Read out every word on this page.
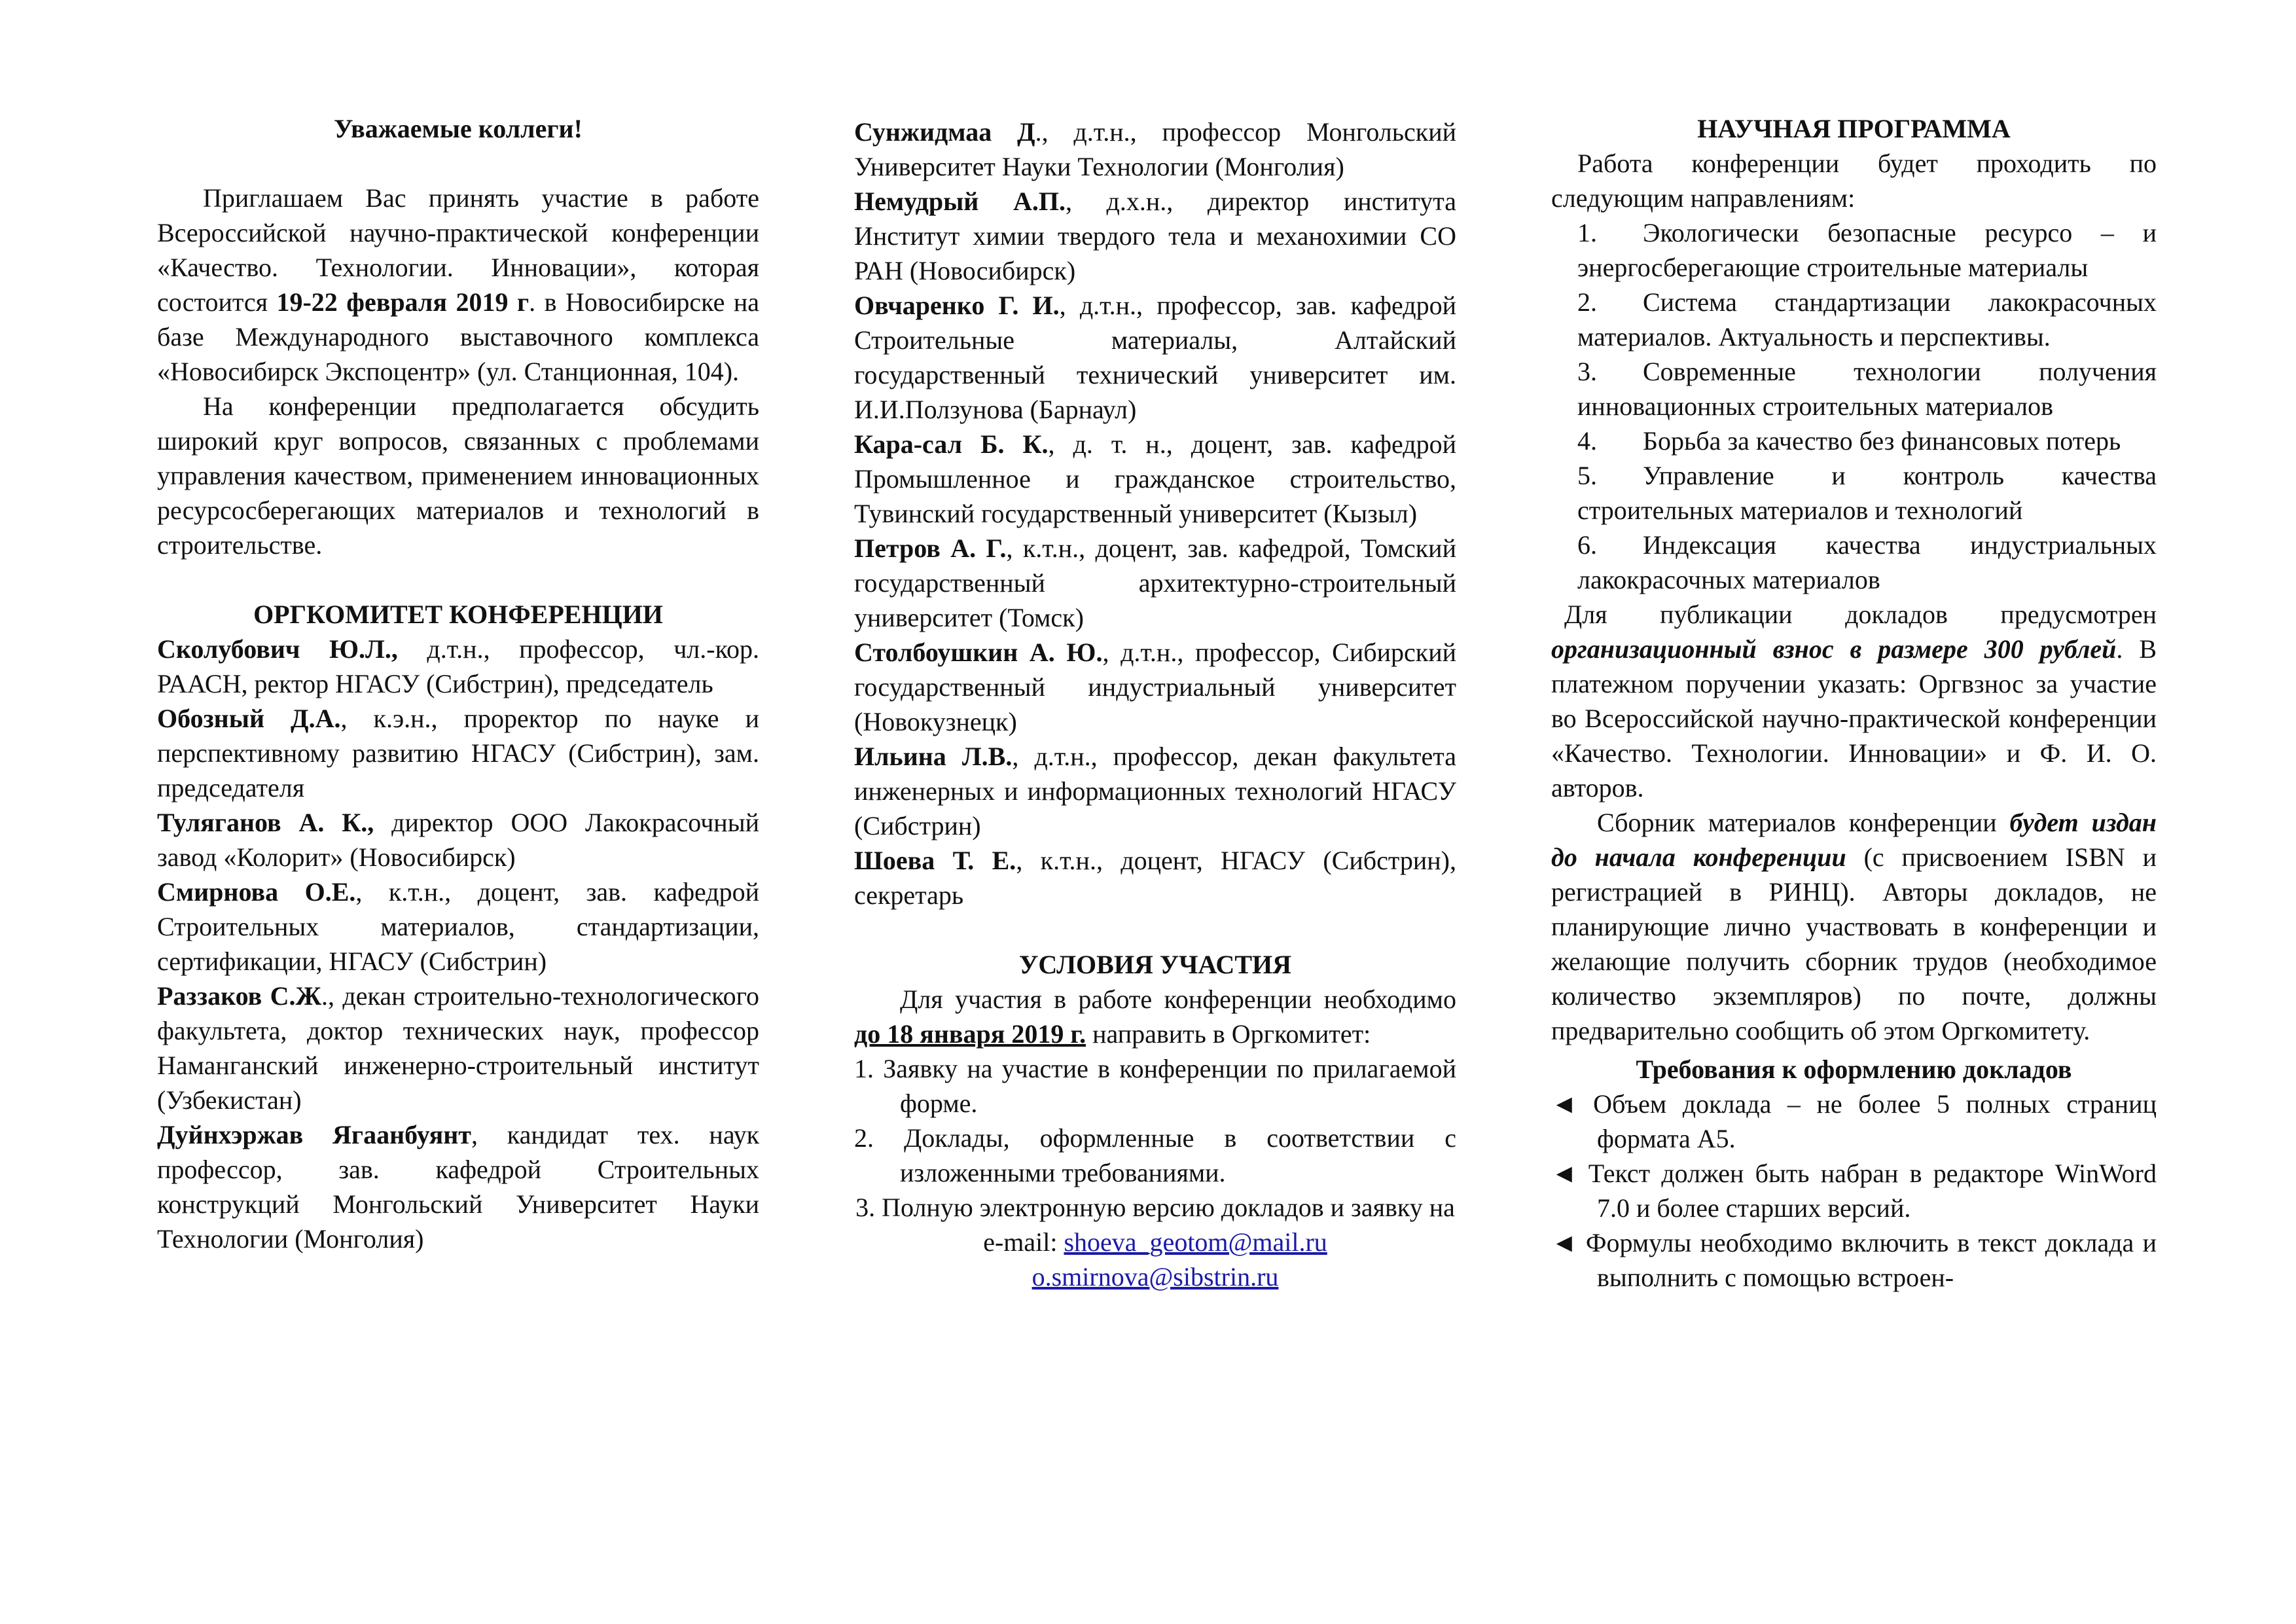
Уважаемые коллеги!

Приглашаем Вас принять участие в работе Всероссийской научно-практической конференции «Качество. Технологии. Инновации», которая состоится 19-22 февраля 2019 г. в Новосибирске на базе Международного выставочного комплекса «Новосибирск Экспоцентр» (ул. Станционная, 104).

На конференции предполагается обсудить широкий круг вопросов, связанных с проблемами управления качеством, применением инновационных ресурсосберегающих материалов и технологий в строительстве.

ОРГКОМИТЕТ КОНФЕРЕНЦИИ

Сколубович Ю.Л., д.т.н., профессор, чл.-кор. РААСН, ректор НГАСУ (Сибстрин), председатель

Обозный Д.А., к.э.н., проректор по науке и перспективному развитию НГАСУ (Сибстрин), зам. председателя

Туляганов А. К., директор ООО Лакокрасочный завод «Колорит» (Новосибирск)

Смирнова О.Е., к.т.н., доцент, зав. кафедрой Строительных материалов, стандартизации, сертификации, НГАСУ (Сибстрин)

Раззаков С.Ж., декан строительно-технологического факультета, доктор технических наук, профессор Наманганский инженерно-строительный институт (Узбекистан)

Дуйнхэржав Ягаанбуянт, кандидат тех. наук профессор, зав. кафедрой Строительных конструкций Монгольский Университет Науки Технологии (Монголия)

Сунжидмаа Д., д.т.н., профессор Монгольский Университет Науки Технологии (Монголия)

Немудрый А.П., д.х.н., директор института Институт химии твердого тела и механохимии СО РАН (Новосибирск)

Овчаренко Г. И., д.т.н., профессор, зав. кафедрой Строительные материалы, Алтайский государственный технический университет им. И.И.Ползунова (Барнаул)

Кара-сал Б. К., д. т. н., доцент, зав. кафедрой Промышленное и гражданское строительство, Тувинский государственный университет (Кызыл)

Петров А. Г., к.т.н., доцент, зав. кафедрой, Томский государственный архитектурно-строительный университет (Томск)

Столбоушкин А. Ю., д.т.н., профессор, Сибирский государственный индустриальный университет (Новокузнецк)

Ильина Л.В., д.т.н., профессор, декан факультета инженерных и информационных технологий НГАСУ (Сибстрин)

Шоева Т. Е., к.т.н., доцент, НГАСУ (Сибстрин), секретарь

УСЛОВИЯ УЧАСТИЯ

Для участия в работе конференции необходимо до 18 января 2019 г. направить в Оргкомитет:

1. Заявку на участие в конференции по прилагаемой форме.

2. Доклады, оформленные в соответствии с изложенными требованиями.

3. Полную электронную версию докладов и заявку на e-mail: shoeva_geotom@mail.ru
o.smirnova@sibstrin.ru

НАУЧНАЯ ПРОГРАММА

Работа конференции будет проходить по следующим направлениям:

1. Экологически безопасные ресурсо – и энергосберегающие строительные материалы

2. Система стандартизации лакокрасочных материалов. Актуальность и перспективы.

3. Современные технологии получения инновационных строительных материалов

4. Борьба за качество без финансовых потерь

5. Управление и контроль качества строительных материалов и технологий

6. Индексация качества индустриальных лакокрасочных материалов

Для публикации докладов предусмотрен организационный взнос в размере 300 рублей. В платежном поручении указать: Оргвзнос за участие во Всероссийской научно-практической конференции «Качество. Технологии. Инновации» и Ф. И. О. авторов.

Сборник материалов конференции будет издан до начала конференции (с присвоением ISBN и регистрацией в РИНЦ). Авторы докладов, не планирующие лично участвовать в конференции и желающие получить сборник трудов (необходимое количество экземпляров) по почте, должны предварительно сообщить об этом Оргкомитету.

Требования к оформлению докладов

◄ Объем доклада – не более 5 полных страниц формата А5.

◄ Текст должен быть набран в редакторе WinWord 7.0 и более старших версий.

◄ Формулы необходимо включить в текст доклада и выполнить с помощью встроен-
